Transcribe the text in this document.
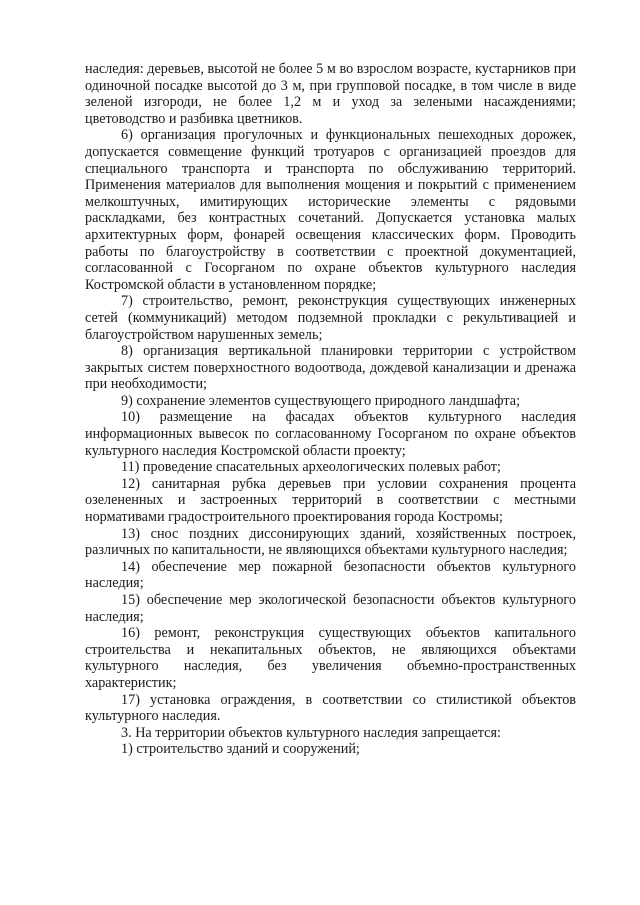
наследия: деревьев, высотой не более 5 м во взрослом возрасте, кустарников при одиночной посадке высотой до 3 м, при групповой посадке, в том числе в виде зеленой изгороди, не более 1,2 м и уход за зелеными насаждениями; цветоводство и разбивка цветников.

6) организация прогулочных и функциональных пешеходных дорожек, допускается совмещение функций тротуаров с организацией проездов для специального транспорта и транспорта по обслуживанию территорий. Применения материалов для выполнения мощения и покрытий с применением мелкоштучных, имитирующих исторические элементы с рядовыми раскладками, без контрастных сочетаний. Допускается установка малых архитектурных форм, фонарей освещения классических форм. Проводить работы по благоустройству в соответствии с проектной документацией, согласованной с Госорганом по охране объектов культурного наследия Костромской области в установленном порядке;

7) строительство, ремонт, реконструкция существующих инженерных сетей (коммуникаций) методом подземной прокладки с рекультивацией и благоустройством нарушенных земель;

8) организация вертикальной планировки территории с устройством закрытых систем поверхностного водоотвода, дождевой канализации и дренажа при необходимости;

9) сохранение элементов существующего природного ландшафта;

10) размещение на фасадах объектов культурного наследия информационных вывесок по согласованному Госорганом по охране объектов культурного наследия Костромской области проекту;

11) проведение спасательных археологических полевых работ;

12) санитарная рубка деревьев при условии сохранения процента озелененных и застроенных территорий в соответствии с местными нормативами градостроительного проектирования города Костромы;

13) снос поздних диссонирующих зданий, хозяйственных построек, различных по капитальности, не являющихся объектами культурного наследия;

14) обеспечение мер пожарной безопасности объектов культурного наследия;

15) обеспечение мер экологической безопасности объектов культурного наследия;

16) ремонт, реконструкция существующих объектов капитального строительства и некапитальных объектов, не являющихся объектами культурного наследия, без увеличения объемно-пространственных характеристик;

17) установка ограждения, в соответствии со стилистикой объектов культурного наследия.

3. На территории объектов культурного наследия запрещается:

1) строительство зданий и сооружений;
